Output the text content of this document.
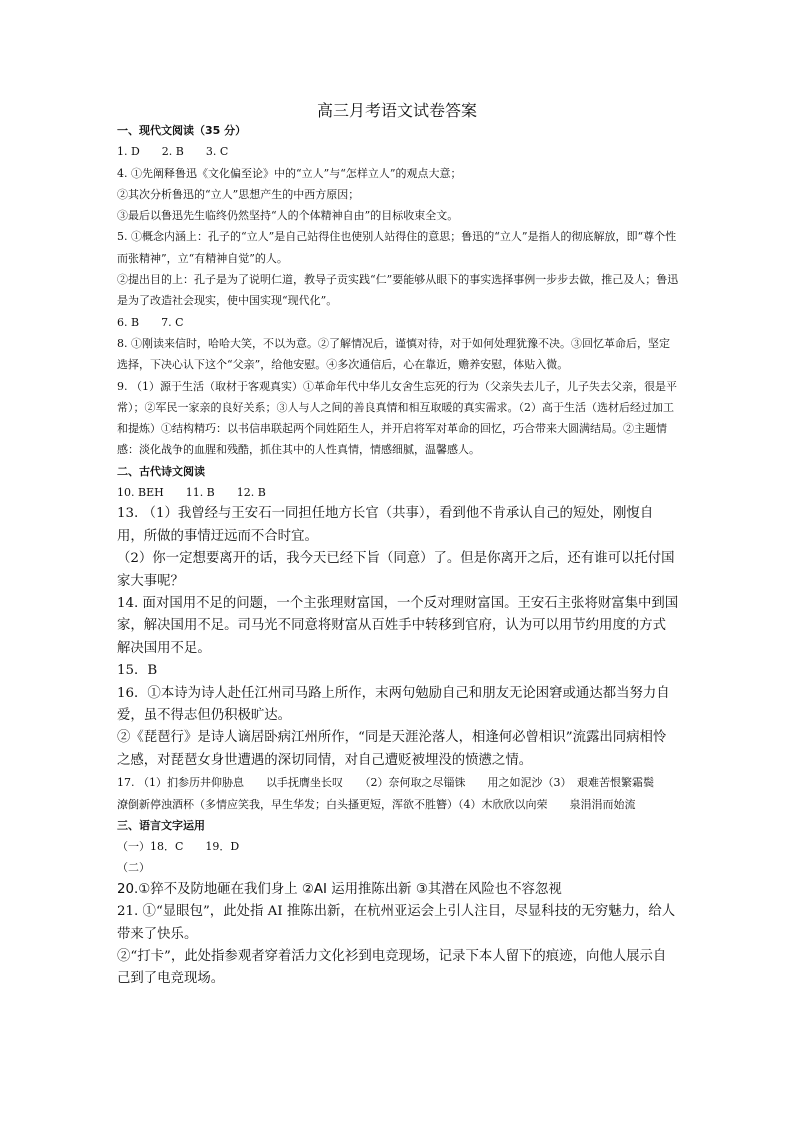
高三月考语文试卷答案

一、现代文阅读（35 分）

1. D　　2. B　　3. C

4. ①先阐释鲁迅《文化偏至论》中的“立人”与“怎样立人”的观点大意；

②其次分析鲁迅的“立人”思想产生的中西方原因；

③最后以鲁迅先生临终仍然坚持“人的个体精神自由”的目标收束全文。

5. ①概念内涵上：孔子的“立人”是自己站得住也使别人站得住的意思；鲁迅的“立人”是指人的彻底解放，即“尊个性而张精神”，立“有精神自觉”的人。

②提出目的上：孔子是为了说明仁道，教导子贡实践“仁”要能够从眼下的事实选择事例一步步去做，推己及人；鲁迅是为了改造社会现实，使中国实现“现代化”。

6. B　　7. C

8. ①刚读来信时，哈哈大笑，不以为意。②了解情况后，谨慎对待，对于如何处理犹豫不决。③回忆革命后，坚定选择，下决心认下这个“父亲”，给他安慰。④多次通信后，心在靠近，赡养安慰，体贴入微。

9. （1）源于生活（取材于客观真实）①革命年代中华儿女舍生忘死的行为（父亲失去儿子，儿子失去父亲，很是平常）；②军民一家亲的良好关系；③人与人之间的善良真情和相互取暖的真实需求。（2）高于生活（选材后经过加工和提炼）①结构精巧：以书信串联起两个同姓陌生人，并开启将军对革命的回忆，巧合带来大圆满结局。②主题情感：淡化战争的血腥和残酷，抓住其中的人性真情，情感细腻，温馨感人。

二、古代诗文阅读

10. BEH　　11. B　　12. B

13. （1）我曾经与王安石一同担任地方长官（共事），看到他不肯承认自己的短处，刚愎自用，所做的事情迂远而不合时宜。

（2）你一定想要离开的话，我今天已经下旨（同意）了。但是你离开之后，还有谁可以托付国家大事呢？

14. 面对国用不足的问题，一个主张理财富国，一个反对理财富国。王安石主张将财富集中到国家，解决国用不足。司马光不同意将财富从百姓手中转移到官府，认为可以用节约用度的方式解决国用不足。

15．B

16．①本诗为诗人赴任江州司马路上所作，末两句勉励自己和朋友无论困窘或通达都当努力自爱，虽不得志但仍积极旷达。

②《琵琶行》是诗人谪居卧病江州所作，“同是天涯沦落人，相逢何必曾相识”流露出同病相怜之感，对琵琶女身世遭遇的深切同情，对自己遭贬被埋没的愤懑之情。

17. （1）扪参历井仰胁息　　以手抚膺坐长叹　　（2）奈何取之尽锱铢　　用之如泥沙（3）　艰难苦恨繁霜鬓　　潦倒新停浊酒杯（多情应笑我，早生华发；白头搔更短，浑欲不胜簪）（4）木欣欣以向荣　　泉涓涓而始流

三、语言文字运用

（一）18．C　　19．D

（二）

20.①猝不及防地砸在我们身上 ②AI 运用推陈出新 ③其潜在风险也不容忽视

21. ①“显眼包”，此处指 AI 推陈出新，在杭州亚运会上引人注目，尽显科技的无穷魅力，给人带来了快乐。

②“打卡”，此处指参观者穿着活力文化衫到电竞现场，记录下本人留下的痕迹，向他人展示自己到了电竞现场。
